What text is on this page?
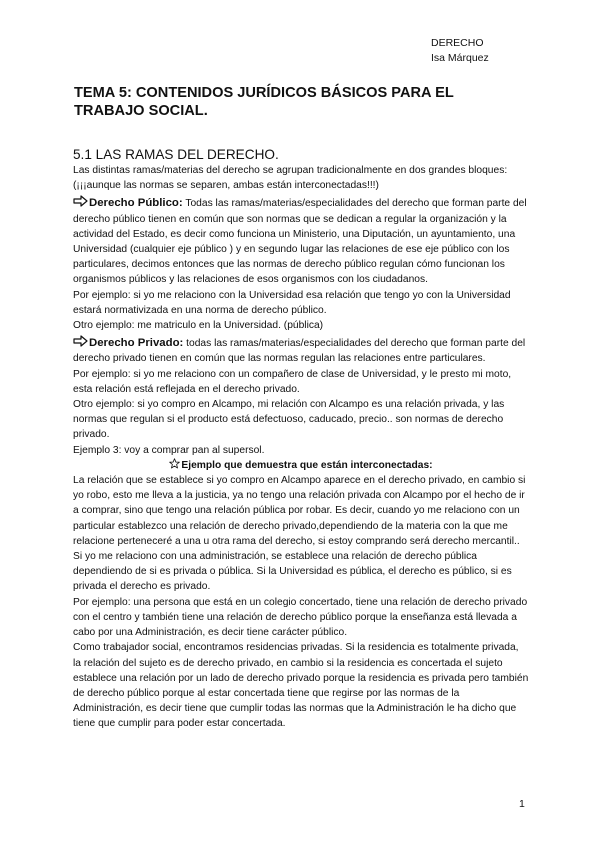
DERECHO
Isa Márquez
TEMA 5: CONTENIDOS JURÍDICOS BÁSICOS PARA EL TRABAJO SOCIAL.
5.1 LAS RAMAS DEL DERECHO.

Las distintas ramas/materias del derecho se agrupan tradicionalmente en dos grandes bloques: (¡¡¡aunque las normas se separen, ambas están interconectadas!!!)

Derecho Público: Todas las ramas/materias/especialidades del derecho que forman parte del derecho público tienen en común que son normas que se dedican a regular la organización y la actividad del Estado, es decir como funciona un Ministerio, una Diputación, un ayuntamiento, una Universidad (cualquier eje público ) y en segundo lugar las relaciones de ese eje público con los particulares, decimos entonces que las normas de derecho público regulan cómo funcionan los organismos públicos y las relaciones de esos organismos con los ciudadanos.

Por ejemplo: si yo me relaciono con la Universidad esa relación que tengo yo con la Universidad estará normativizada en una norma de derecho público.

Otro ejemplo: me matriculo en la Universidad. (pública)

Derecho Privado: todas las ramas/materias/especialidades del derecho que forman parte del derecho privado tienen en común que las normas regulan las relaciones entre particulares.

Por ejemplo: si yo me relaciono con un compañero de clase de Universidad, y le presto mi moto, esta relación está reflejada en el derecho privado.

Otro ejemplo: si yo compro en Alcampo, mi relación con Alcampo es una relación privada, y las normas que regulan si el producto está defectuoso, caducado, precio.. son normas de derecho privado.

Ejemplo 3: voy a comprar pan al supersol.

Ejemplo que demuestra que están interconectadas:

La relación que se establece si yo compro en Alcampo aparece en el derecho privado, en cambio si yo robo, esto me lleva a la justicia, ya no tengo una relación privada con Alcampo por el hecho de ir a comprar, sino que tengo una relación pública por robar. Es decir, cuando yo me relaciono con un particular establezco una relación de derecho privado,dependiendo de la materia con la que me relacione perteneceré a una u otra rama del derecho, si estoy comprando será derecho mercantil.. Si yo me relaciono con una administración, se establece una relación de derecho pública dependiendo de si es privada o pública. Si la Universidad es pública, el derecho es público, si es privada el derecho es privado.

Por ejemplo: una persona que está en un colegio concertado, tiene una relación de derecho privado con el centro y también tiene una relación de derecho público porque la enseñanza está llevada a cabo por una Administración, es decir tiene carácter público.

Como trabajador social, encontramos residencias privadas. Si la residencia es totalmente privada, la relación del sujeto es de derecho privado, en cambio si la residencia es concertada el sujeto establece una relación por un lado de derecho privado porque la residencia es privada pero también de derecho público porque al estar concertada tiene que regirse por las normas de la Administración, es decir tiene que cumplir todas las normas que la Administración le ha dicho que tiene que cumplir para poder estar concertada.

1
